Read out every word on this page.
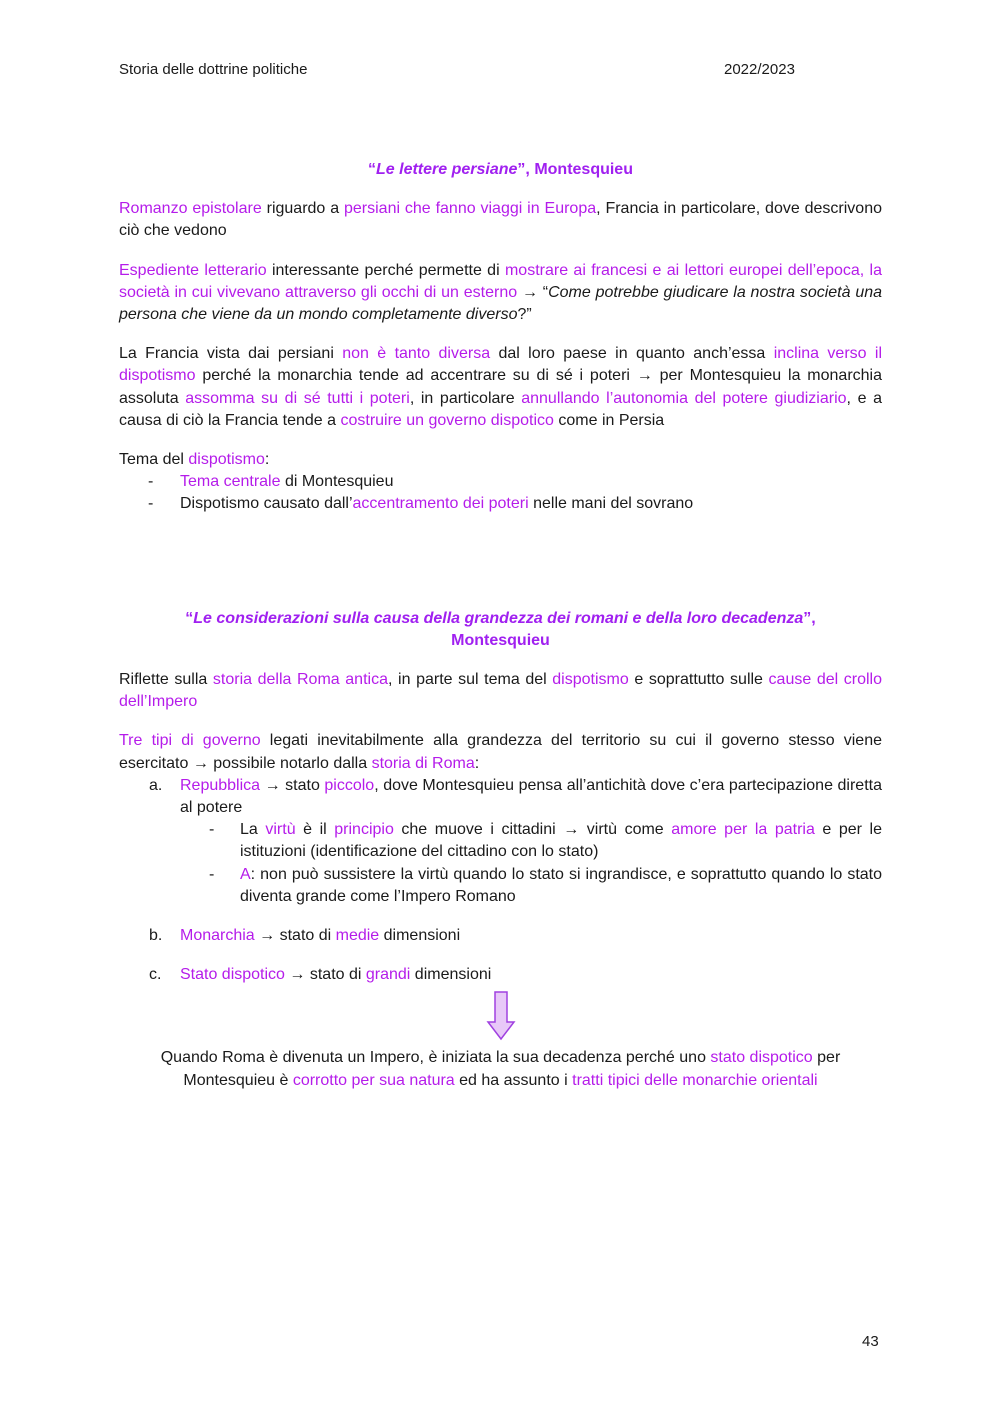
Storia delle dottrine politiche	2022/2023

“Le lettere persiane”, Montesquieu

Romanzo epistolare riguardo a persiani che fanno viaggi in Europa, Francia in particolare, dove descrivono ciò che vedono

Espediente letterario interessante perché permette di mostrare ai francesi e ai lettori europei dell’epoca, la società in cui vivevano attraverso gli occhi di un esterno → “Come potrebbe giudicare la nostra società una persona che viene da un mondo completamente diverso?”

La Francia vista dai persiani non è tanto diversa dal loro paese in quanto anch’essa inclina verso il dispotismo perché la monarchia tende ad accentrare su di sé i poteri → per Montesquieu la monarchia assoluta assomma su di sé tutti i poteri, in particolare annullando l’autonomia del potere giudiziario, e a causa di ciò la Francia tende a costruire un governo dispotico come in Persia

Tema del dispotismo:

- Tema centrale di Montesquieu
- Dispotismo causato dall’accentramento dei poteri nelle mani del sovrano

“Le considerazioni sulla causa della grandezza dei romani e della loro decadenza”,
Montesquieu

Riflette sulla storia della Roma antica, in parte sul tema del dispotismo e soprattutto sulle cause del crollo dell’Impero

Tre tipi di governo legati inevitabilmente alla grandezza del territorio su cui il governo stesso viene esercitato → possibile notarlo dalla storia di Roma:

a. Repubblica → stato piccolo, dove Montesquieu pensa all’antichità dove c’era partecipazione diretta al potere
- La virtù è il principio che muove i cittadini → virtù come amore per la patria e per le istituzioni (identificazione del cittadino con lo stato)
- A: non può sussistere la virtù quando lo stato si ingrandisce, e soprattutto quando lo stato diventa grande come l’Impero Romano
b. Monarchia → stato di medie dimensioni
c. Stato dispotico → stato di grandi dimensioni

Quando Roma è divenuta un Impero, è iniziata la sua decadenza perché uno stato dispotico per Montesquieu è corrotto per sua natura ed ha assunto i tratti tipici delle monarchie orientali

43
